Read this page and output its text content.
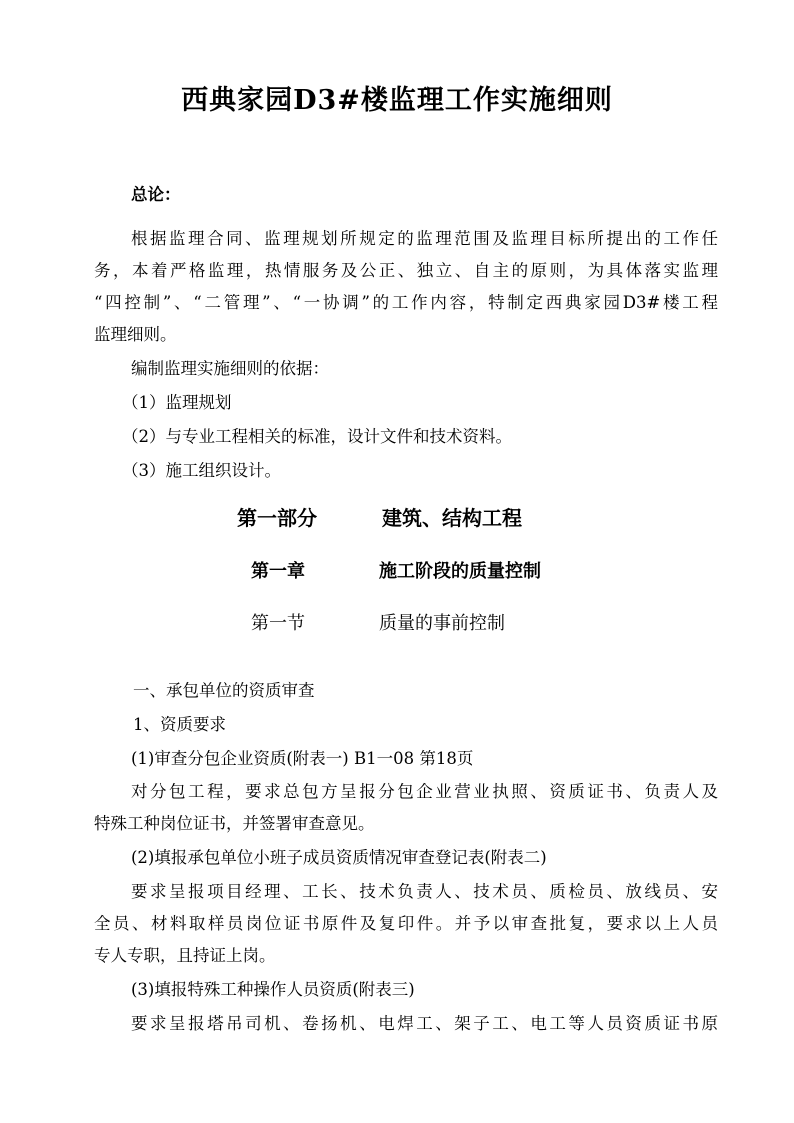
西典家园D3#楼监理工作实施细则
总论：
根据监理合同、监理规划所规定的监理范围及监理目标所提出的工作任
务，本着严格监理，热情服务及公正、独立、自主的原则，为具体落实监理
“四控制”、“二管理”、“一协调”的工作内容，特制定西典家园D3#楼工程
监理细则。
编制监理实施细则的依据：
（1）监理规划
（2）与专业工程相关的标准，设计文件和技术资料。
（3）施工组织设计。
第一部分	建筑、结构工程
第一章	施工阶段的质量控制
第一节	质量的事前控制
一、承包单位的资质审查
1、资质要求
(1)审查分包企业资质(附表一) B1一08 第18页
对分包工程，要求总包方呈报分包企业营业执照、资质证书、负责人及
特殊工种岗位证书，并签署审查意见。
(2)填报承包单位小班子成员资质情况审查登记表(附表二)
要求呈报项目经理、工长、技术负责人、技术员、质检员、放线员、安
全员、材料取样员岗位证书原件及复印件。并予以审查批复，要求以上人员
专人专职，且持证上岗。
(3)填报特殊工种操作人员资质(附表三)
要求呈报塔吊司机、卷扬机、电焊工、架子工、电工等人员资质证书原
